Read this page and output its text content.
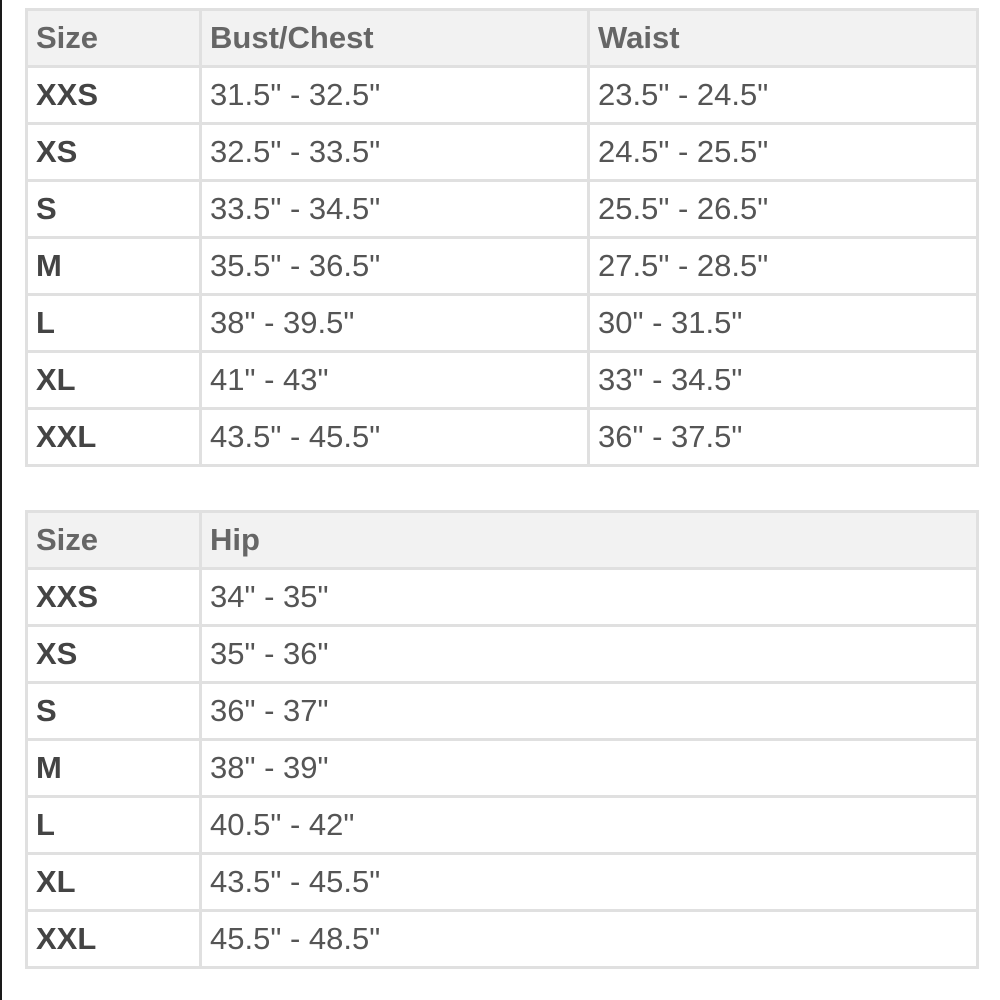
Size	Bust/Chest	Waist
XXS	31.5" - 32.5"	23.5" - 24.5"
XS	32.5" - 33.5"	24.5" - 25.5"
S	33.5" - 34.5"	25.5" - 26.5"
M	35.5" - 36.5"	27.5" - 28.5"
L	38" - 39.5"	30" - 31.5"
XL	41" - 43"	33" - 34.5"
XXL	43.5" - 45.5"	36" - 37.5"
Size	Hip
XXS	34" - 35"
XS	35" - 36"
S	36" - 37"
M	38" - 39"
L	40.5" - 42"
XL	43.5" - 45.5"
XXL	45.5" - 48.5"
